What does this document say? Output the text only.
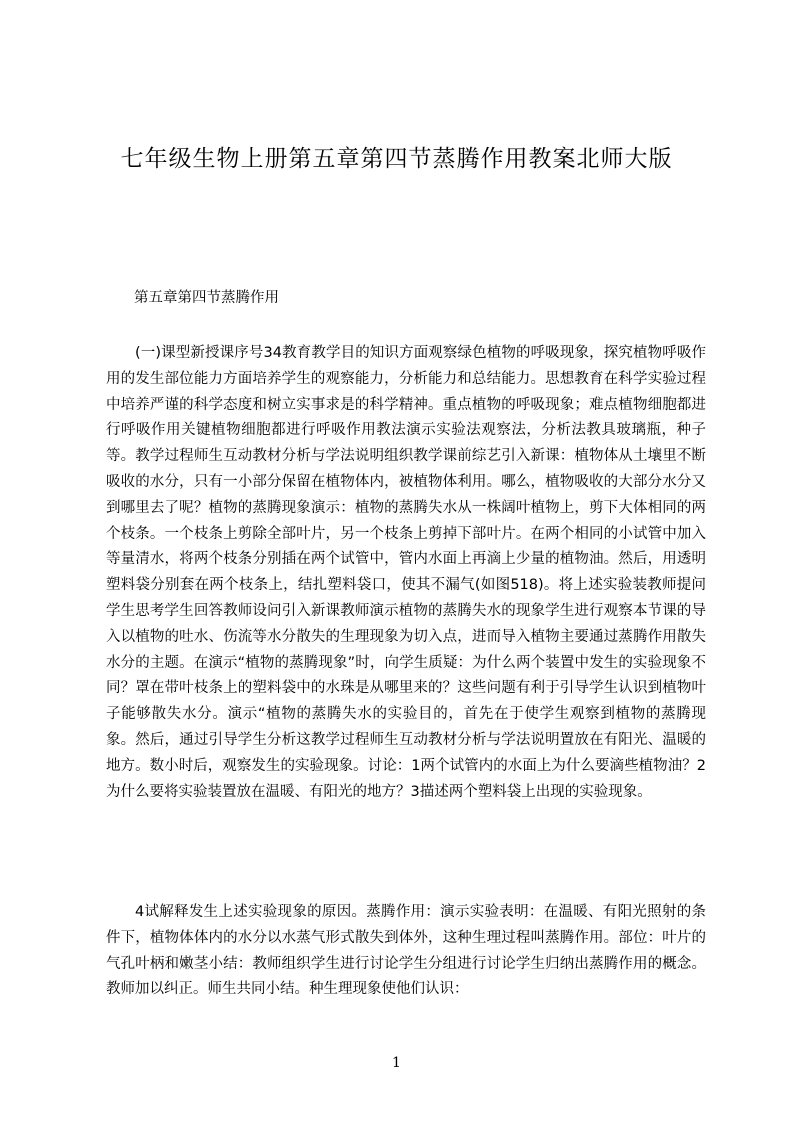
七年级生物上册第五章第四节蒸腾作用教案北师大版

第五章第四节蒸腾作用

(一)课型新授课序号34教育教学目的知识方面观察绿色植物的呼吸现象，探究植物呼吸作用的发生部位能力方面培养学生的观察能力，分析能力和总结能力。思想教育在科学实验过程中培养严谨的科学态度和树立实事求是的科学精神。重点植物的呼吸现象；难点植物细胞都进行呼吸作用关键植物细胞都进行呼吸作用教法演示实验法观察法，分析法教具玻璃瓶，种子等。教学过程师生互动教材分析与学法说明组织教学课前综艺引入新课：植物体从土壤里不断吸收的水分，只有一小部分保留在植物体内，被植物体利用。哪么，植物吸收的大部分水分又到哪里去了呢？植物的蒸腾现象演示：植物的蒸腾失水从一株阔叶植物上，剪下大体相同的两个枝条。一个枝条上剪除全部叶片，另一个枝条上剪掉下部叶片。在两个相同的小试管中加入等量清水，将两个枝条分别插在两个试管中，管内水面上再滴上少量的植物油。然后，用透明塑料袋分别套在两个枝条上，结扎塑料袋口，使其不漏气(如图518)。将上述实验装教师提问学生思考学生回答教师设问引入新课教师演示植物的蒸腾失水的现象学生进行观察本节课的导入以植物的吐水、伤流等水分散失的生理现象为切入点，进而导入植物主要通过蒸腾作用散失水分的主题。在演示“植物的蒸腾现象”时，向学生质疑：为什么两个装置中发生的实验现象不同？罩在带叶枝条上的塑料袋中的水珠是从哪里来的？这些问题有利于引导学生认识到植物叶子能够散失水分。演示“植物的蒸腾失水的实验目的，首先在于使学生观察到植物的蒸腾现象。然后，通过引导学生分析这教学过程师生互动教材分析与学法说明置放在有阳光、温暖的地方。数小时后，观察发生的实验现象。讨论：1两个试管内的水面上为什么要滴些植物油？2为什么要将实验装置放在温暖、有阳光的地方？3描述两个塑料袋上出现的实验现象。

4试解释发生上述实验现象的原因。蒸腾作用：演示实验表明：在温暖、有阳光照射的条件下，植物体体内的水分以水蒸气形式散失到体外，这种生理过程叫蒸腾作用。部位：叶片的气孔叶柄和嫩茎小结：教师组织学生进行讨论学生分组进行讨论学生归纳出蒸腾作用的概念。教师加以纠正。师生共同小结。种生理现象使他们认识：

1
